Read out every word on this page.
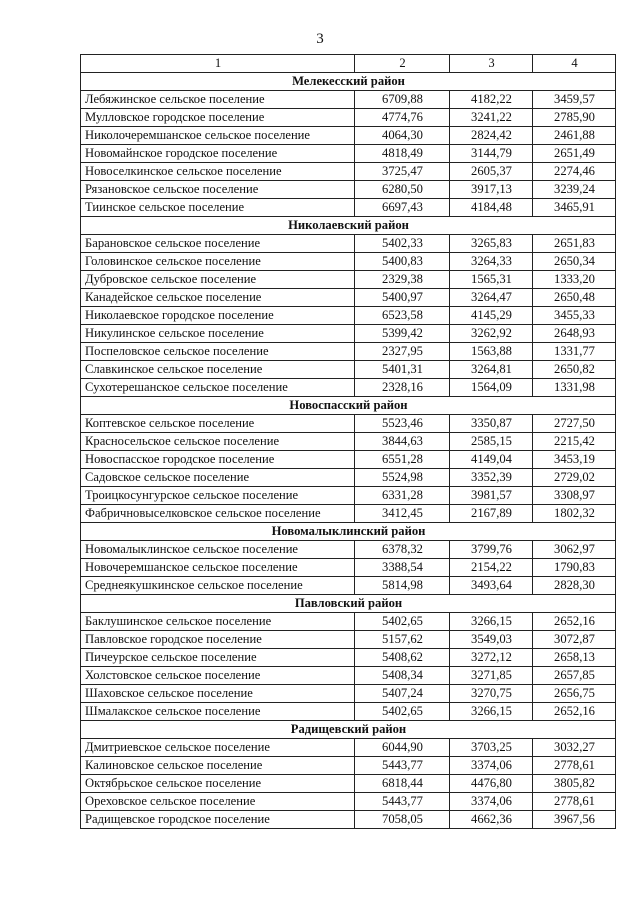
3
1	2	3	4
Мелекесский район			
Лебяжинское сельское поселение	6709,88	4182,22	3459,57
Мулловское городское поселение	4774,76	3241,22	2785,90
Николочеремшанское сельское поселение	4064,30	2824,42	2461,88
Новомайнское городское поселение	4818,49	3144,79	2651,49
Новоселкинское сельское поселение	3725,47	2605,37	2274,46
Рязановское сельское поселение	6280,50	3917,13	3239,24
Тиинское сельское поселение	6697,43	4184,48	3465,91
Николаевский район			
Барановское сельское поселение	5402,33	3265,83	2651,83
Головинское сельское поселение	5400,83	3264,33	2650,34
Дубровское сельское поселение	2329,38	1565,31	1333,20
Канадейское сельское поселение	5400,97	3264,47	2650,48
Николаевское городское поселение	6523,58	4145,29	3455,33
Никулинское сельское поселение	5399,42	3262,92	2648,93
Поспеловское сельское поселение	2327,95	1563,88	1331,77
Славкинское сельское поселение	5401,31	3264,81	2650,82
Сухотерешанское сельское поселение	2328,16	1564,09	1331,98
Новоспасский район			
Коптевское сельское поселение	5523,46	3350,87	2727,50
Красносельское сельское поселение	3844,63	2585,15	2215,42
Новоспасское городское поселение	6551,28	4149,04	3453,19
Садовское сельское поселение	5524,98	3352,39	2729,02
Троицкосунгурское сельское поселение	6331,28	3981,57	3308,97
Фабричновыселковское сельское поселение	3412,45	2167,89	1802,32
Новомалыклинский район			
Новомалыклинское сельское поселение	6378,32	3799,76	3062,97
Новочеремшанское сельское поселение	3388,54	2154,22	1790,83
Среднеякушкинское сельское поселение	5814,98	3493,64	2828,30
Павловский район			
Баклушинское сельское поселение	5402,65	3266,15	2652,16
Павловское городское поселение	5157,62	3549,03	3072,87
Пичеурское сельское поселение	5408,62	3272,12	2658,13
Холстовское сельское поселение	5408,34	3271,85	2657,85
Шаховское сельское поселение	5407,24	3270,75	2656,75
Шмалакское сельское поселение	5402,65	3266,15	2652,16
Радищевский район			
Дмитриевское сельское поселение	6044,90	3703,25	3032,27
Калиновское сельское поселение	5443,77	3374,06	2778,61
Октябрьское сельское поселение	6818,44	4476,80	3805,82
Ореховское сельское поселение	5443,77	3374,06	2778,61
Радищевское городское поселение	7058,05	4662,36	3967,56
